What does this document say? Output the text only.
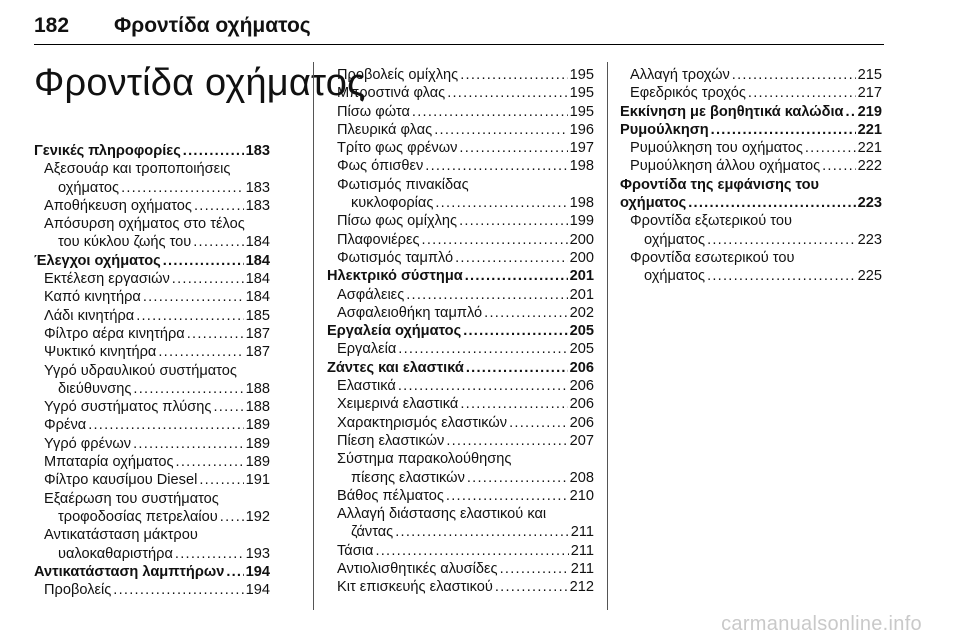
182 Φροντίδα οχήματος
Φροντίδα οχήματος
Γενικές πληροφορίες . . .	183
Αξεσουάρ και τροποποιήσεις
οχήματος . . .	183
Αποθήκευση οχήματος . . .	183
Απόσυρση οχήματος στο τέλος
του κύκλου ζωής του . . .	184
Έλεγχοι οχήματος . . .	184
Εκτέλεση εργασιών . . .	184
Καπό κινητήρα . . .	184
Λάδι κινητήρα . . .	185
Φίλτρο αέρα κινητήρα . . .	187
Ψυκτικό κινητήρα . . .	187
Υγρό υδραυλικού συστήματος
διεύθυνσης . . .	188
Υγρό συστήματος πλύσης . . . 188
Φρένα . . .	189
Υγρό φρένων . . .	189
Μπαταρία οχήματος . . .	189
Φίλτρο καυσίμου Diesel . . .	191
Εξαέρωση του συστήματος
τροφοδοσίας πετρελαίου . . . 192
Αντικατάσταση μάκτρου
υαλοκαθαριστήρα . . .	193
Αντικατάσταση λαμπτήρων . . . 194
Προβολείς . . .	194
Προβολείς ομίχλης . . .	195
Μπροστινά φλας . . .	195
Πίσω φώτα . . .	195
Πλευρικά φλας . . .	196
Τρίτο φως φρένων . . .	197
Φως όπισθεν . . .	198
Φωτισμός πινακίδας
κυκλοφορίας . . .	198
Πίσω φως ομίχλης . . .	199
Πλαφονιέρες . . .	200
Φωτισμός ταμπλό . . .	200
Ηλεκτρικό σύστημα . . .	201
Ασφάλειες . . .	201
Ασφαλειοθήκη ταμπλό . . .	202
Εργαλεία οχήματος . . .	205
Εργαλεία . . .	205
Ζάντες και ελαστικά . . .	206
Ελαστικά . . .	206
Χειμερινά ελαστικά . . .	206
Χαρακτηρισμός ελαστικών . . .	206
Πίεση ελαστικών . . .	207
Σύστημα παρακολούθησης
πίεσης ελαστικών . . .	208
Βάθος πέλματος . . .	210
Αλλαγή διάστασης ελαστικού και
ζάντας . . .	211
Τάσια . . .	211
Αντιολισθητικές αλυσίδες . . .	211
Κιτ επισκευής ελαστικού . . .	212
Αλλαγή τροχών . . .	215
Εφεδρικός τροχός . . .	217
Εκκίνηση με βοηθητικά καλώδια . . . 219
Ρυμούλκηση . . .	221
Ρυμούλκηση του οχήματος . . .	221
Ρυμούλκηση άλλου οχήματος . . .	222
Φροντίδα της εμφάνισης του
οχήματος . . .	223
Φροντίδα εξωτερικού του
οχήματος . . .	223
Φροντίδα εσωτερικού του
οχήματος . . .	225
carmanualsonline.info
